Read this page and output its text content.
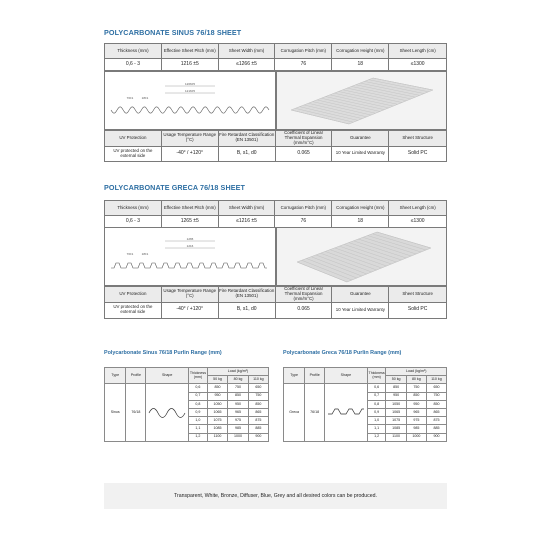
POLYCARBONATE SINUS 76/18 SHEET
Thickness (mm)	Effective Sheet Pitch (mm)	Sheet Width (mm)	Corrugation Pitch (mm)	Corrugation Height (mm)	Sheet Length (cm)
0,6 - 3	1216 ±5	≤1266 ±5	76	18	≤1300
1266±5
1216±5
76±1	18±1
UV Protection	Usage Temperature Range (°C)	Fire Retardant Classification (EN 13501)	Coefficient of Linear Thermal Expansion (mm/m°C)	Guarantee	Sheet Structure
UV protected on the external side	-40° / +120°	B, s1, d0	0.065	10 Year Limited Warranty	Solid PC
POLYCARBONATE GRECA 76/18 SHEET
Thickness (mm)	Effective Sheet Pitch (mm)	Sheet Width (mm)	Corrugation Pitch (mm)	Corrugation Height (mm)	Sheet Length (cm)
0,6 - 3	1265 ±5	≤1216 ±5	76	18	≤1300
1265
1216
76±1	18±1
UV Protection	Usage Temperature Range (°C)	Fire Retardant Classification (EN 13501)	Coefficient of Linear Thermal Expansion (mm/m°C)	Guarantee	Sheet Structure
UV protected on the external side	-40° / +120°	B, s1, d0	0.065	10 Year Limited Warranty	Solid PC
Polycarbonate Sinus 76/18 Purlin Range (mm)	Polycarbonate Greca 76/18 Purlin Range (mm)
Type	Profile	Shape	Thickness (mm)	Load (kg/m²)		
				50 kg	80 kg	110 kg
Sinus	76/18		0,6	850	750	650
			0,7	950	850	750
			0,8	1050	950	850
			0,9	1065	965	865
			1,0	1075	975	875
			1,1	1085	985	885
			1,2	1100	1000	900
Type	Profile	Shape	Thickness (mm)	Load (kg/m²)		
				50 kg	80 kg	110 kg
Greca	76/18		0,6	850	750	650
			0,7	950	850	750
			0,8	1050	950	850
			0,9	1065	965	865
			1,0	1075	975	875
			1,1	1085	985	885
			1,2	1100	1000	900
Transparent, White, Bronze, Diffuser, Blue, Grey and all desired colors can be produced.
